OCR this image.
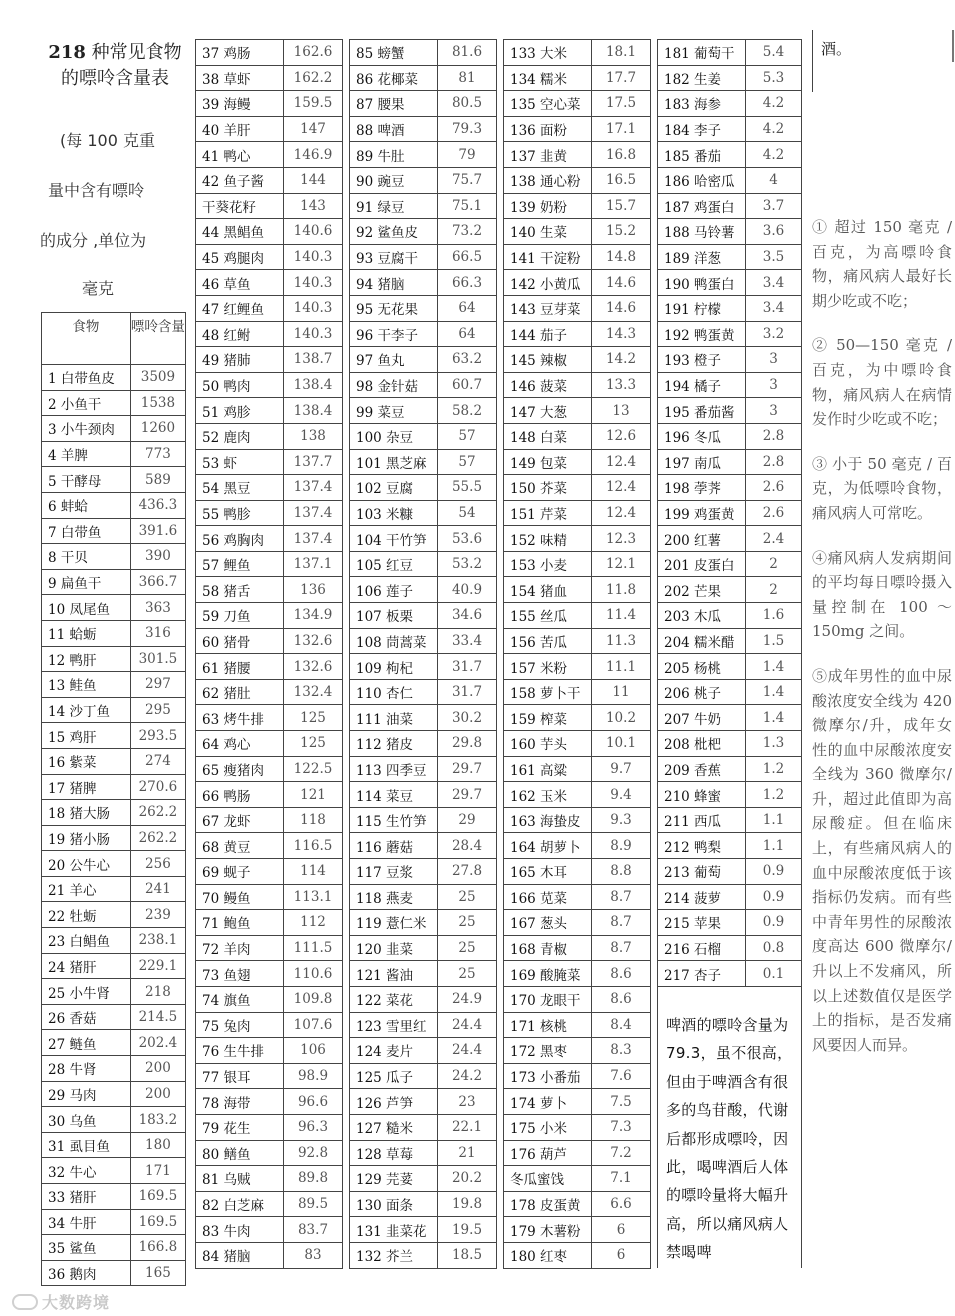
218 种常见食物的嘌呤含量表
(每 100 克重
量中含有嘌呤
的成分 ,单位为
毫克
食物	嘌呤含量
1 白带鱼皮	3509
2 小鱼干	1538
3 小牛颈肉	1260
4 羊脾	773
5 干酵母	589
6 蚌蛤	436.3
7 白带鱼	391.6
8 干贝	390
9 扁鱼干	366.7
10 凤尾鱼	363
11 蛤蛎	316
12 鸭肝	301.5
13 鲑鱼	297
14 沙丁鱼	295
15 鸡肝	293.5
16 紫菜	274
17 猪脾	270.6
18 猪大肠	262.2
19 猪小肠	262.2
20 公牛心	256
21 羊心	241
22 牡蛎	239
23 白鲳鱼	238.1
24 猪肝	229.1
25 小牛肾	218
26 香菇	214.5
27 鲢鱼	202.4
28 牛肾	200
29 马肉	200
30 乌鱼	183.2
31 虱目鱼	180
32 牛心	171
33 猪肝	169.5
34 牛肝	169.5
35 鲨鱼	166.8
36 鹅肉	165
37 鸡肠	162.6
38 草虾	162.2
39 海鳗	159.5
40 羊肝	147
41 鸭心	146.9
42 鱼子酱	144
干葵花籽	143
44 黑鲳鱼	140.6
45 鸡腿肉	140.3
46 草鱼	140.3
47 红鲤鱼	140.3
48 红鲋	140.3
49 猪肺	138.7
50 鸭肉	138.4
51 鸡胗	138.4
52 鹿肉	138
53 虾	137.7
54 黑豆	137.4
55 鸭胗	137.4
56 鸡胸肉	137.4
57 鲤鱼	137.1
58 猪舌	136
59 刀鱼	134.9
60 猪骨	132.6
61 猪腰	132.6
62 猪肚	132.4
63 烤牛排	125
64 鸡心	125
65 瘦猪肉	122.5
66 鸭肠	121
67 龙虾	118
68 黄豆	116.5
69 蚬子	114
70 鳗鱼	113.1
71 鲍鱼	112
72 羊肉	111.5
73 鱼翅	110.6
74 旗鱼	109.8
75 兔肉	107.6
76 生牛排	106
77 银耳	98.9
78 海带	96.6
79 花生	96.3
80 鳝鱼	92.8
81 乌贼	89.8
82 白芝麻	89.5
83 牛肉	83.7
84 猪脑	83
85 螃蟹	81.6
86 花椰菜	81
87 腰果	80.5
88 啤酒	79.3
89 牛肚	79
90 豌豆	75.7
91 绿豆	75.1
92 鲨鱼皮	73.2
93 豆腐干	66.5
94 猪脑	66.3
95 无花果	64
96 干李子	64
97 鱼丸	63.2
98 金针菇	60.7
99 菜豆	58.2
100 杂豆	57
101 黑芝麻	57
102 豆腐	55.5
103 米糠	54
104 干竹笋	53.6
105 红豆	53.2
106 莲子	40.9
107 板栗	34.6
108 茼蒿菜	33.4
109 枸杞	31.7
110 杏仁	31.7
111 油菜	30.2
112 猪皮	29.8
113 四季豆	29.7
114 菜豆	29.7
115 生竹笋	29
116 蘑菇	28.4
117 豆浆	27.8
118 燕麦	25
119 薏仁米	25
120 韭菜	25
121 酱油	25
122 菜花	24.9
123 雪里红	24.4
124 麦片	24.4
125 瓜子	24.2
126 芦笋	23
127 糙米	22.1
128 草莓	21
129 芫荽	20.2
130 面条	19.8
131 韭菜花	19.5
132 芥兰	18.5
133 大米	18.1
134 糯米	17.7
135 空心菜	17.5
136 面粉	17.1
137 韭黄	16.8
138 通心粉	16.5
139 奶粉	15.7
140 生菜	15.2
141 干淀粉	14.8
142 小黄瓜	14.6
143 豆芽菜	14.6
144 茄子	14.3
145 辣椒	14.2
146 菠菜	13.3
147 大葱	13
148 白菜	12.6
149 包菜	12.4
150 芥菜	12.4
151 芹菜	12.4
152 味精	12.3
153 小麦	12.1
154 猪血	11.8
155 丝瓜	11.4
156 苦瓜	11.3
157 米粉	11.1
158 萝卜干	11
159 榨菜	10.2
160 芋头	10.1
161 高粱	9.7
162 玉米	9.4
163 海蛰皮	9.3
164 胡萝卜	8.9
165 木耳	8.8
166 苋菜	8.7
167 葱头	8.7
168 青椒	8.7
169 酸腌菜	8.6
170 龙眼干	8.6
171 核桃	8.4
172 黑枣	8.3
173 小番茄	7.6
174 萝卜	7.5
175 小米	7.3
176 葫芦	7.2
冬瓜蜜饯	7.1
178 皮蛋黄	6.6
179 木薯粉	6
180 红枣	6
181 葡萄干	5.4
182 生姜	5.3
183 海参	4.2
184 李子	4.2
185 番茄	4.2
186 哈密瓜	4
187 鸡蛋白	3.7
188 马铃薯	3.6
189 洋葱	3.5
190 鸭蛋白	3.4
191 柠檬	3.4
192 鸭蛋黄	3.2
193 橙子	3
194 橘子	3
195 番茄酱	3
196 冬瓜	2.8
197 南瓜	2.8
198 荸荠	2.6
199 鸡蛋黄	2.6
200 红薯	2.4
201 皮蛋白	2
202 芒果	2
203 木瓜	1.6
204 糯米醋	1.5
205 杨桃	1.4
206 桃子	1.4
207 牛奶	1.4
208 枇杷	1.3
209 香蕉	1.2
210 蜂蜜	1.2
211 西瓜	1.1
212 鸭梨	1.1
213 葡萄	0.9
214 菠萝	0.9
215 苹果	0.9
216 石榴	0.8
217 杏子	0.1
啤酒的嘌呤含量为 79.3，虽不很高，但由于啤酒含有很多的鸟苷酸，代谢后都形成嘌呤，因此，喝啤酒后人体的嘌呤量将大幅升高，所以痛风病人禁喝啤
酒。

① 超过 150 毫克 / 百克，为高嘌呤食物，痛风病人最好长期少吃或不吃；

② 50—150 毫克 / 百克，为中嘌呤食物，痛风病人在病情发作时少吃或不吃；

③ 小于 50 毫克 / 百克，为低嘌呤食物，痛风病人可常吃。

④痛风病人发病期间的平均每日嘌呤摄入量控制在 100 ～ 150mg 之间。

⑤成年男性的血中尿酸浓度安全线为 420 微摩尔/升，成年女性的血中尿酸浓度安全线为 360 微摩尔/升，超过此值即为高尿酸症。但在临床上，有些痛风病人的血中尿酸浓度低于该指标仍发病。而有些中青年男性的尿酸浓度高达 600 微摩尔/升以上不发痛风，所以上述数值仅是医学上的指标，是否发痛风要因人而异。

大数跨境
